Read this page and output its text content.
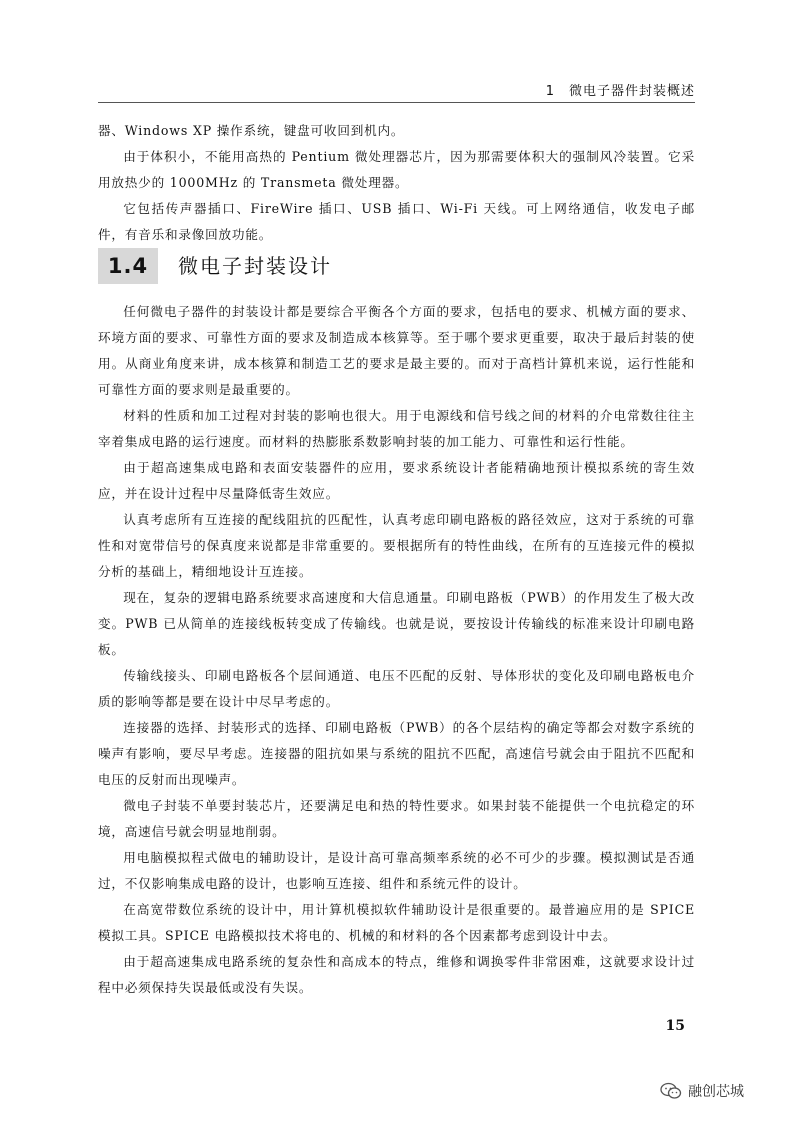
1 微电子器件封装概述

器、Windows XP 操作系统，键盘可收回到机内。

由于体积小，不能用高热的 Pentium 微处理器芯片，因为那需要体积大的强制风冷装置。它采用放热少的 1000MHz 的 Transmeta 微处理器。

它包括传声器插口、FireWire 插口、USB 插口、Wi-Fi 天线。可上网络通信，收发电子邮件，有音乐和录像回放功能。

1.4	微电子封装设计

任何微电子器件的封装设计都是要综合平衡各个方面的要求，包括电的要求、机械方面的要求、环境方面的要求、可靠性方面的要求及制造成本核算等。至于哪个要求更重要，取决于最后封装的使用。从商业角度来讲，成本核算和制造工艺的要求是最主要的。而对于高档计算机来说，运行性能和可靠性方面的要求则是最重要的。

材料的性质和加工过程对封装的影响也很大。用于电源线和信号线之间的材料的介电常数往往主宰着集成电路的运行速度。而材料的热膨胀系数影响封装的加工能力、可靠性和运行性能。

由于超高速集成电路和表面安装器件的应用，要求系统设计者能精确地预计模拟系统的寄生效应，并在设计过程中尽量降低寄生效应。

认真考虑所有互连接的配线阻抗的匹配性，认真考虑印刷电路板的路径效应，这对于系统的可靠性和对宽带信号的保真度来说都是非常重要的。要根据所有的特性曲线，在所有的互连接元件的模拟分析的基础上，精细地设计互连接。

现在，复杂的逻辑电路系统要求高速度和大信息通量。印刷电路板（PWB）的作用发生了极大改变。PWB 已从简单的连接线板转变成了传输线。也就是说，要按设计传输线的标准来设计印刷电路板。

传输线接头、印刷电路板各个层间通道、电压不匹配的反射、导体形状的变化及印刷电路板电介质的影响等都是要在设计中尽早考虑的。

连接器的选择、封装形式的选择、印刷电路板（PWB）的各个层结构的确定等都会对数字系统的噪声有影响，要尽早考虑。连接器的阻抗如果与系统的阻抗不匹配，高速信号就会由于阻抗不匹配和电压的反射而出现噪声。

微电子封装不单要封装芯片，还要满足电和热的特性要求。如果封装不能提供一个电抗稳定的环境，高速信号就会明显地削弱。

用电脑模拟程式做电的辅助设计，是设计高可靠高频率系统的必不可少的步骤。模拟测试是否通过，不仅影响集成电路的设计，也影响互连接、组件和系统元件的设计。

在高宽带数位系统的设计中，用计算机模拟软件辅助设计是很重要的。最普遍应用的是 SPICE 模拟工具。SPICE 电路模拟技术将电的、机械的和材料的各个因素都考虑到设计中去。

由于超高速集成电路系统的复杂性和高成本的特点，维修和调换零件非常困难，这就要求设计过程中必须保持失误最低或没有失误。

15
融创芯城
